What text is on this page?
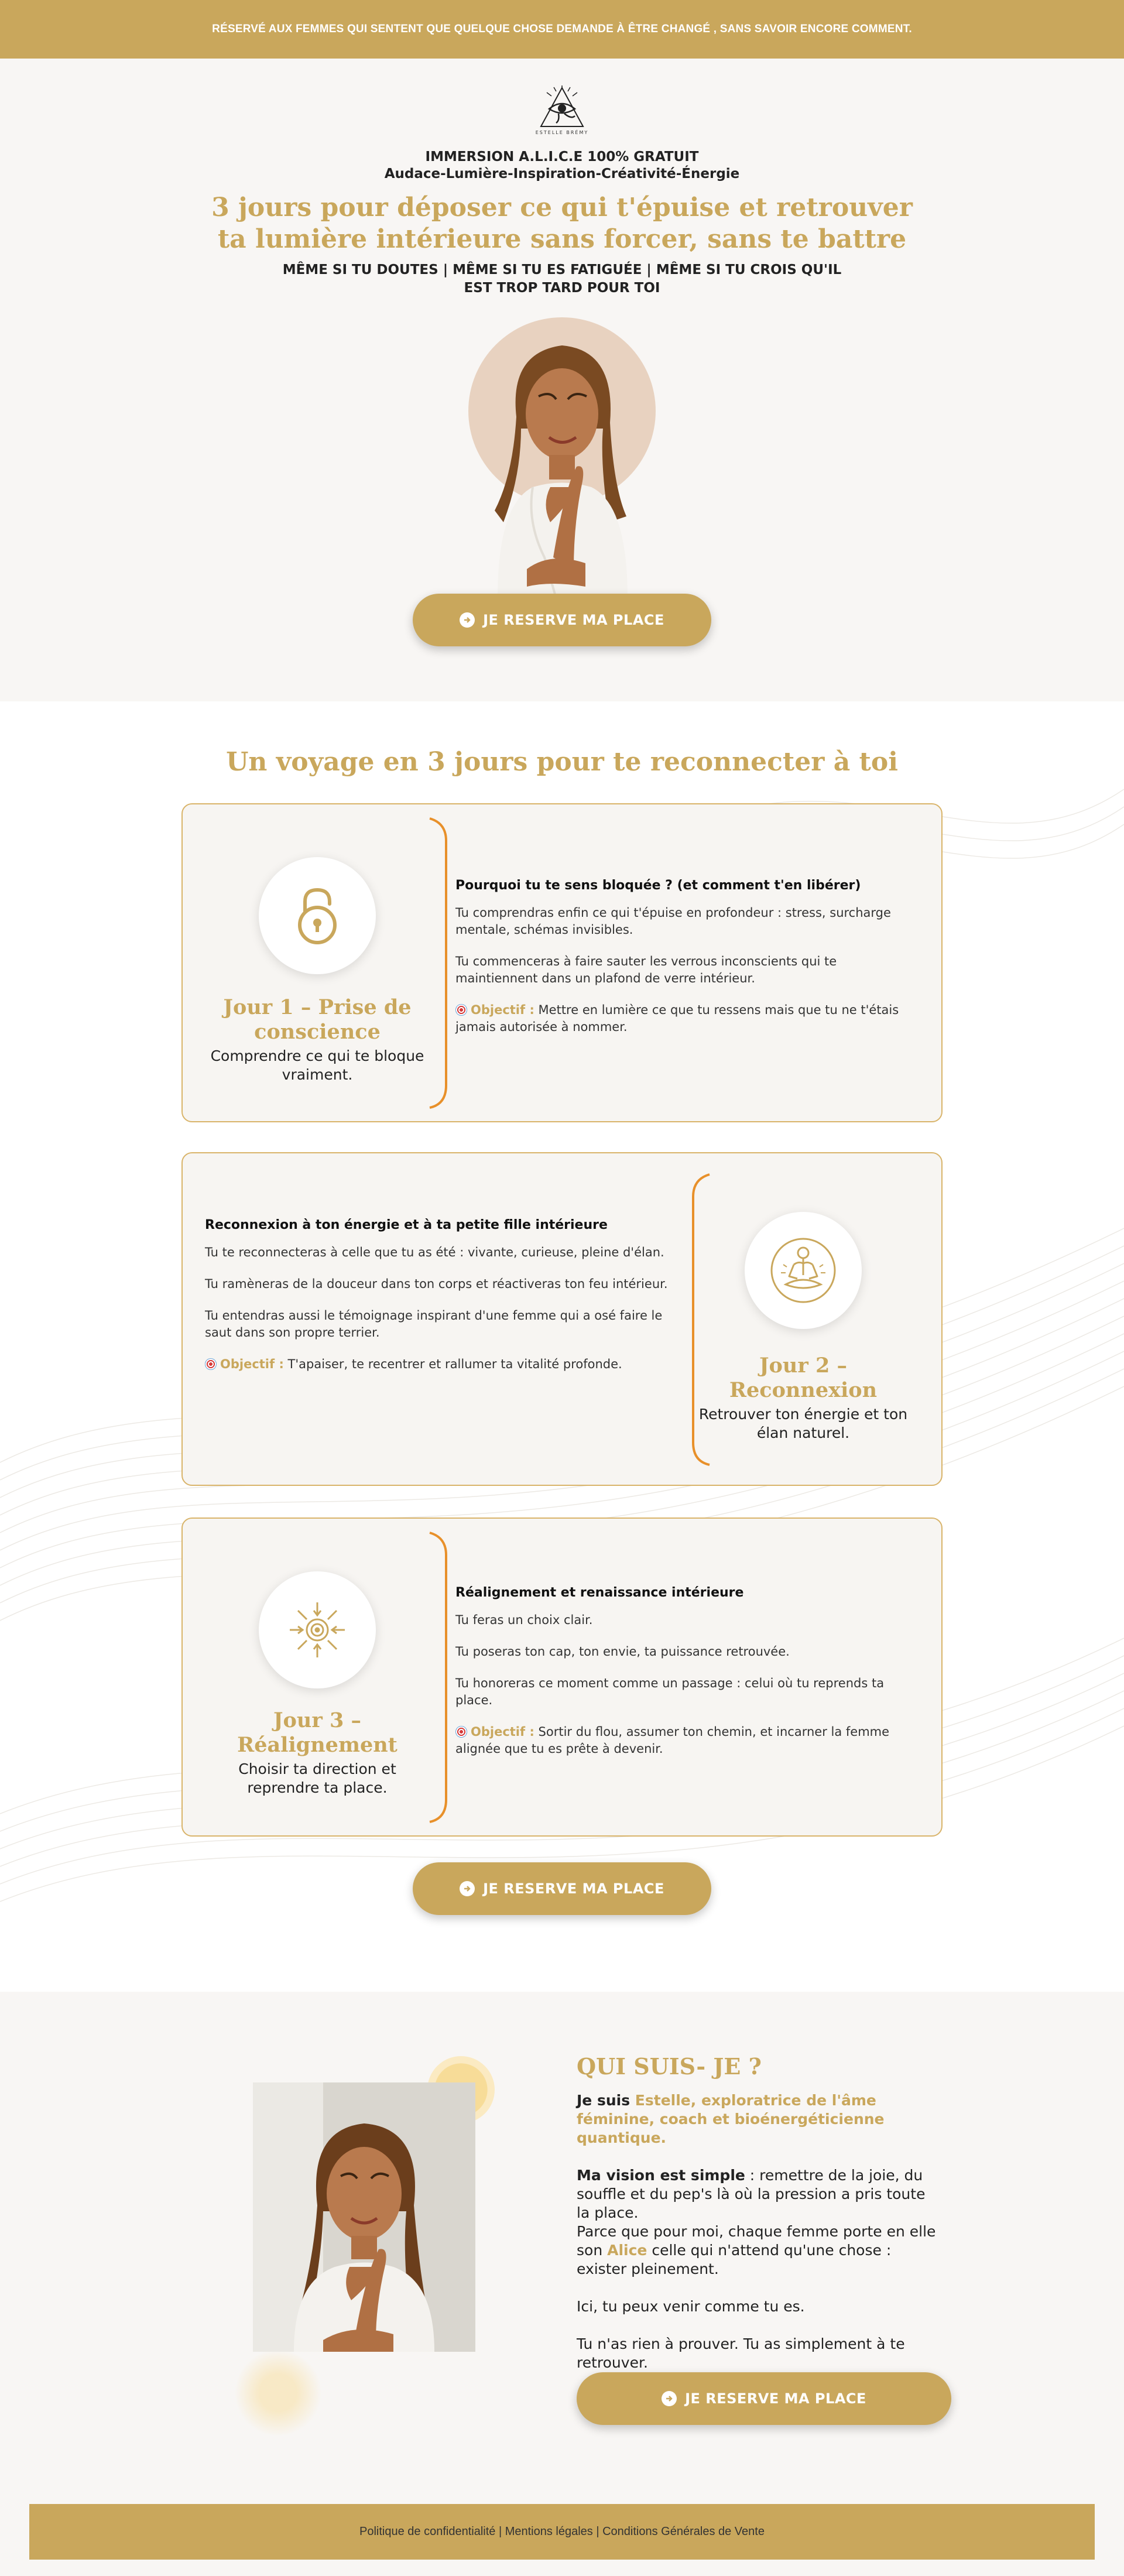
RÉSERVÉ AUX FEMMES QUI SENTENT QUE QUELQUE CHOSE DEMANDE À ÊTRE CHANGÉ , SANS SAVOIR ENCORE COMMENT.
ESTELLE BRÉMY
IMMERSION A.L.I.C.E 100% GRATUIT
Audace-Lumière-Inspiration-Créativité-Énergie
3 jours pour déposer ce qui t'épuise et retrouver ta lumière intérieure sans forcer, sans te battre
MÊME SI TU DOUTES | MÊME SI TU ES FATIGUÉE | MÊME SI TU CROIS QU'IL EST TROP TARD POUR TOI
JE RESERVE MA PLACE
Un voyage en 3 jours pour te reconnecter à toi
Jour 1 – Prise de conscience
Comprendre ce qui te bloque vraiment.
Pourquoi tu te sens bloquée ? (et comment t'en libérer)

Tu comprendras enfin ce qui t'épuise en profondeur : stress, surcharge mentale, schémas invisibles.

Tu commenceras à faire sauter les verrous inconscients qui te maintiennent dans un plafond de verre intérieur.

Objectif : Mettre en lumière ce que tu ressens mais que tu ne t'étais jamais autorisée à nommer.

Reconnexion à ton énergie et à ta petite fille intérieure

Tu te reconnecteras à celle que tu as été : vivante, curieuse, pleine d'élan.

Tu ramèneras de la douceur dans ton corps et réactiveras ton feu intérieur.

Tu entendras aussi le témoignage inspirant d'une femme qui a osé faire le saut dans son propre terrier.

Objectif : T'apaiser, te recentrer et rallumer ta vitalité profonde.	Jour 2 – Reconnexion
Retrouver ton énergie et ton élan naturel.
Jour 3 – Réalignement
Choisir ta direction et reprendre ta place.
Réalignement et renaissance intérieure

Tu feras un choix clair.

Tu poseras ton cap, ton envie, ta puissance retrouvée.

Tu honoreras ce moment comme un passage : celui où tu reprends ta place.

Objectif : Sortir du flou, assumer ton chemin, et incarner la femme alignée que tu es prête à devenir.

JE RESERVE MA PLACE
QUI SUIS- JE ?

Je suis Estelle, exploratrice de l'âme féminine, coach et bioénergéticienne quantique.

Ma vision est simple : remettre de la joie, du souffle et du pep's là où la pression a pris toute la place.

Parce que pour moi, chaque femme porte en elle son Alice celle qui n'attend qu'une chose : exister pleinement.

Ici, tu peux venir comme tu es.

Tu n'as rien à prouver. Tu as simplement à te retrouver.

JE RESERVE MA PLACE
Politique de confidentialité | Mentions légales | Conditions Générales de Vente
